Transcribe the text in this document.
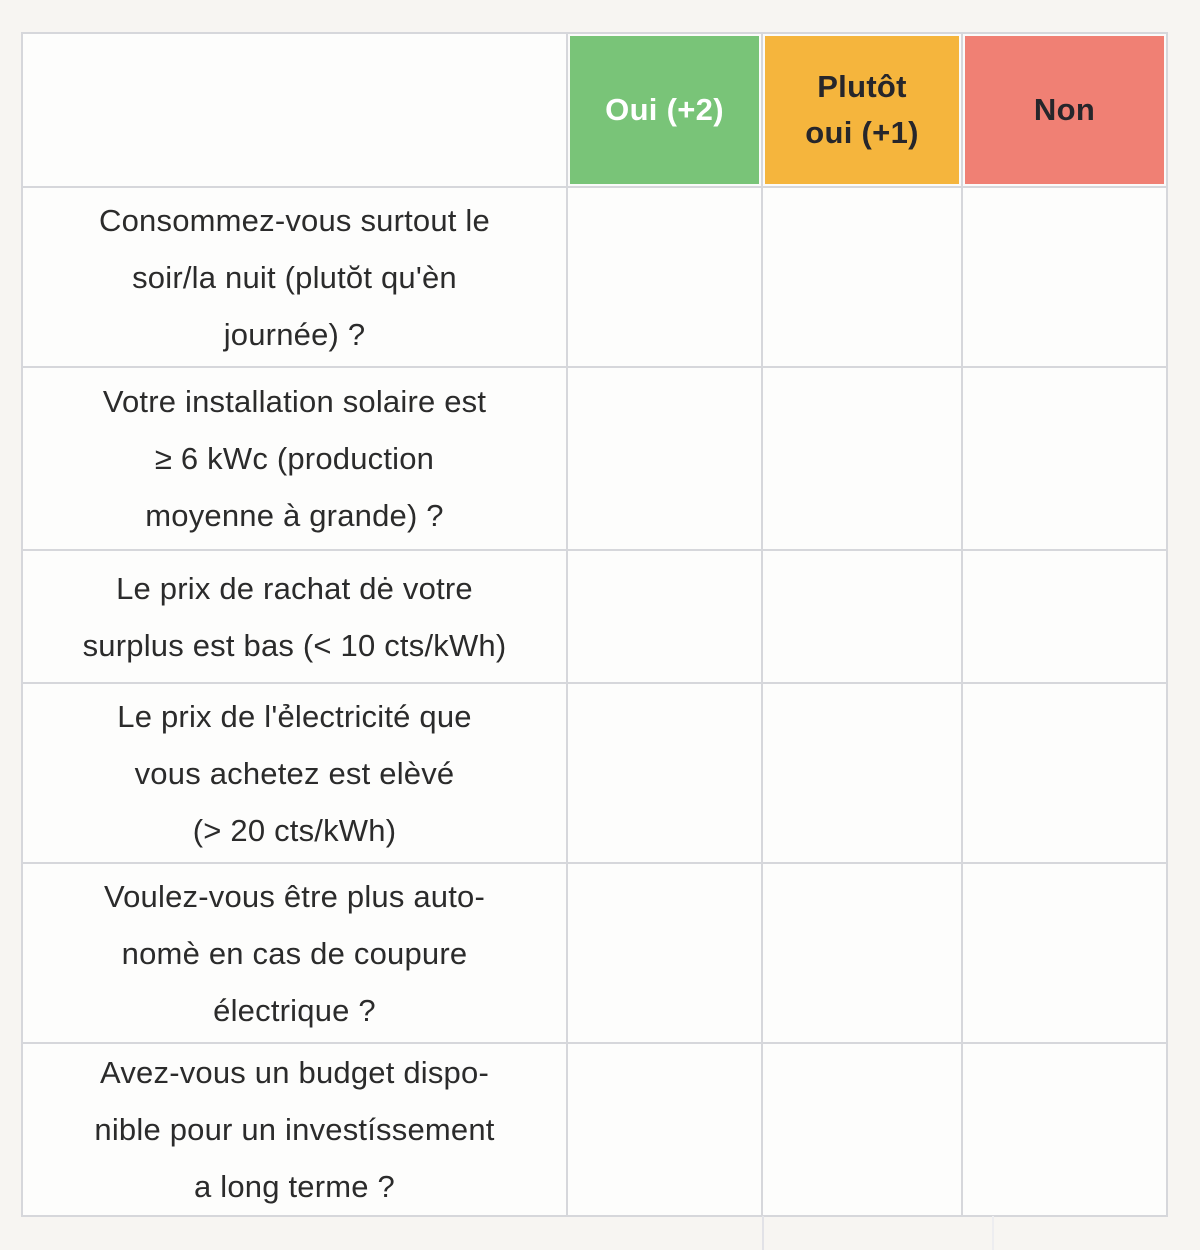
Oui (+2)
Plutôt
oui (+1)
Non
Consommez-vous surtout le
soir/la nuit (plutŏt qu'èn
journée) ?
Votre installation solaire est
≥ 6 kWc (production
moyenne à grande) ?
Le prix de rachat dė votre
surplus est bas (< 10 cts/kWh)
Le prix de l'ẻlectricité que
vous achetez est elèvé
(> 20 cts/kWh)
Voulez-vous être plus auto-
nomè en cas de coupure
électrique ?
Avez-vous un budget dispo-
nible pour un investíssement
a long terme ?
